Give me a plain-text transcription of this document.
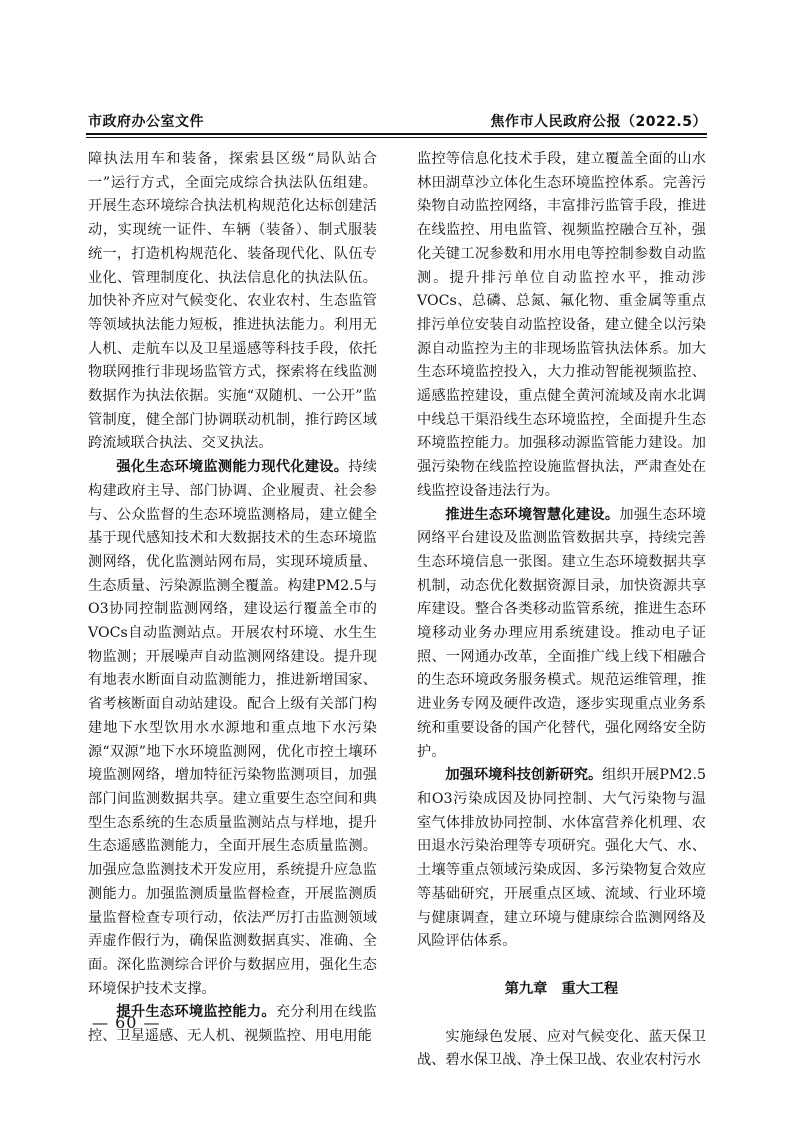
市政府办公室文件	焦作市人民政府公报（2022.5）

障执法用车和装备，探索县区级“局队站合一”运行方式，全面完成综合执法队伍组建。开展生态环境综合执法机构规范化达标创建活动，实现统一证件、车辆（装备）、制式服装统一，打造机构规范化、装备现代化、队伍专业化、管理制度化、执法信息化的执法队伍。加快补齐应对气候变化、农业农村、生态监管等领域执法能力短板，推进执法能力。利用无人机、走航车以及卫星遥感等科技手段，依托物联网推行非现场监管方式，探索将在线监测数据作为执法依据。实施“双随机、一公开”监管制度，健全部门协调联动机制，推行跨区域跨流域联合执法、交叉执法。

强化生态环境监测能力现代化建设。持续构建政府主导、部门协调、企业履责、社会参与、公众监督的生态环境监测格局，建立健全基于现代感知技术和大数据技术的生态环境监测网络，优化监测站网布局，实现环境质量、生态质量、污染源监测全覆盖。构建PM2.5与O3协同控制监测网络，建设运行覆盖全市的VOCs自动监测站点。开展农村环境、水生生物监测；开展噪声自动监测网络建设。提升现有地表水断面自动监测能力，推进新增国家、省考核断面自动站建设。配合上级有关部门构建地下水型饮用水水源地和重点地下水污染源“双源”地下水环境监测网，优化市控土壤环境监测网络，增加特征污染物监测项目，加强部门间监测数据共享。建立重要生态空间和典型生态系统的生态质量监测站点与样地，提升生态遥感监测能力，全面开展生态质量监测。加强应急监测技术开发应用，系统提升应急监测能力。加强监测质量监督检查，开展监测质量监督检查专项行动，依法严厉打击监测领域弄虚作假行为，确保监测数据真实、准确、全面。深化监测综合评价与数据应用，强化生态环境保护技术支撑。

提升生态环境监控能力。充分利用在线监控、卫星遥感、无人机、视频监控、用电用能

监控等信息化技术手段，建立覆盖全面的山水林田湖草沙立体化生态环境监控体系。完善污染物自动监控网络，丰富排污监管手段，推进在线监控、用电监管、视频监控融合互补，强化关键工况参数和用水用电等控制参数自动监测。提升排污单位自动监控水平，推动涉VOCs、总磷、总氮、氟化物、重金属等重点排污单位安装自动监控设备，建立健全以污染源自动监控为主的非现场监管执法体系。加大生态环境监控投入，大力推动智能视频监控、遥感监控建设，重点健全黄河流域及南水北调中线总干渠沿线生态环境监控，全面提升生态环境监控能力。加强移动源监管能力建设。加强污染物在线监控设施监督执法，严肃查处在线监控设备违法行为。

推进生态环境智慧化建设。加强生态环境网络平台建设及监测监管数据共享，持续完善生态环境信息一张图。建立生态环境数据共享机制，动态优化数据资源目录，加快资源共享库建设。整合各类移动监管系统，推进生态环境移动业务办理应用系统建设。推动电子证照、一网通办改革，全面推广线上线下相融合的生态环境政务服务模式。规范运维管理，推进业务专网及硬件改造，逐步实现重点业务系统和重要设备的国产化替代，强化网络安全防护。

加强环境科技创新研究。组织开展PM2.5和O3污染成因及协同控制、大气污染物与温室气体排放协同控制、水体富营养化机理、农田退水污染治理等专项研究。强化大气、水、土壤等重点领域污染成因、多污染物复合效应等基础研究，开展重点区域、流域、行业环境与健康调查，建立环境与健康综合监测网络及风险评估体系。

第九章　重大工程

实施绿色发展、应对气候变化、蓝天保卫战、碧水保卫战、净土保卫战、农业农村污水

— 60 —
